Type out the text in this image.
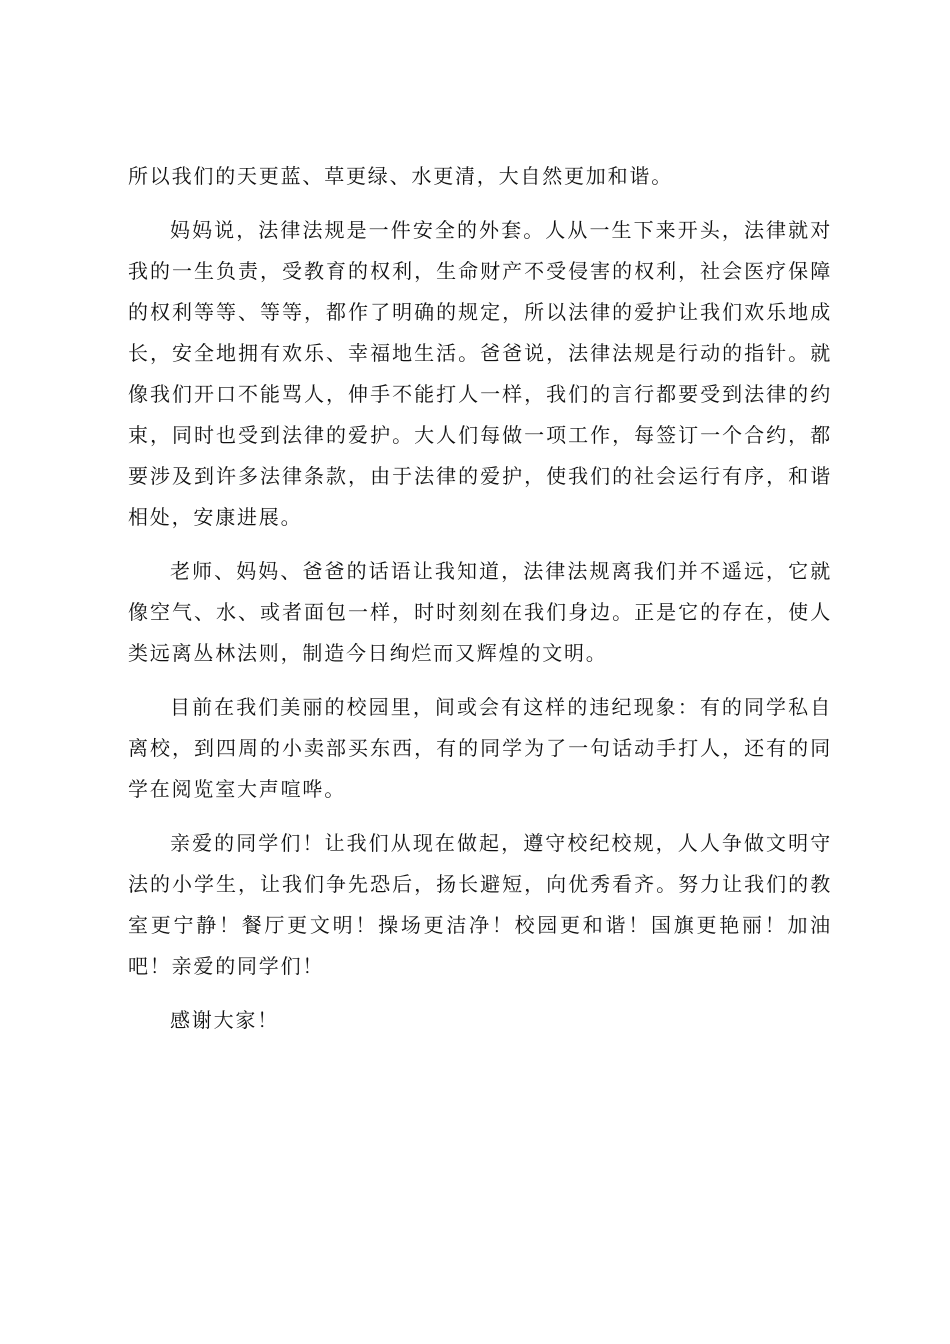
所以我们的天更蓝、草更绿、水更清，大自然更加和谐。

妈妈说，法律法规是一件安全的外套。人从一生下来开头，法律就对我的一生负责，受教育的权利，生命财产不受侵害的权利，社会医疗保障的权利等等、等等，都作了明确的规定，所以法律的爱护让我们欢乐地成长，安全地拥有欢乐、幸福地生活。爸爸说，法律法规是行动的指针。就像我们开口不能骂人，伸手不能打人一样，我们的言行都要受到法律的约束，同时也受到法律的爱护。大人们每做一项工作，每签订一个合约，都要涉及到许多法律条款，由于法律的爱护，使我们的社会运行有序，和谐相处，安康进展。

老师、妈妈、爸爸的话语让我知道，法律法规离我们并不遥远，它就像空气、水、或者面包一样，时时刻刻在我们身边。正是它的存在，使人类远离丛林法则，制造今日绚烂而又辉煌的文明。

目前在我们美丽的校园里，间或会有这样的违纪现象：有的同学私自离校，到四周的小卖部买东西，有的同学为了一句话动手打人，还有的同学在阅览室大声喧哗。

亲爱的同学们！让我们从现在做起，遵守校纪校规，人人争做文明守法的小学生，让我们争先恐后，扬长避短，向优秀看齐。努力让我们的教室更宁静！餐厅更文明！操场更洁净！校园更和谐！国旗更艳丽！加油吧！亲爱的同学们！

感谢大家！
